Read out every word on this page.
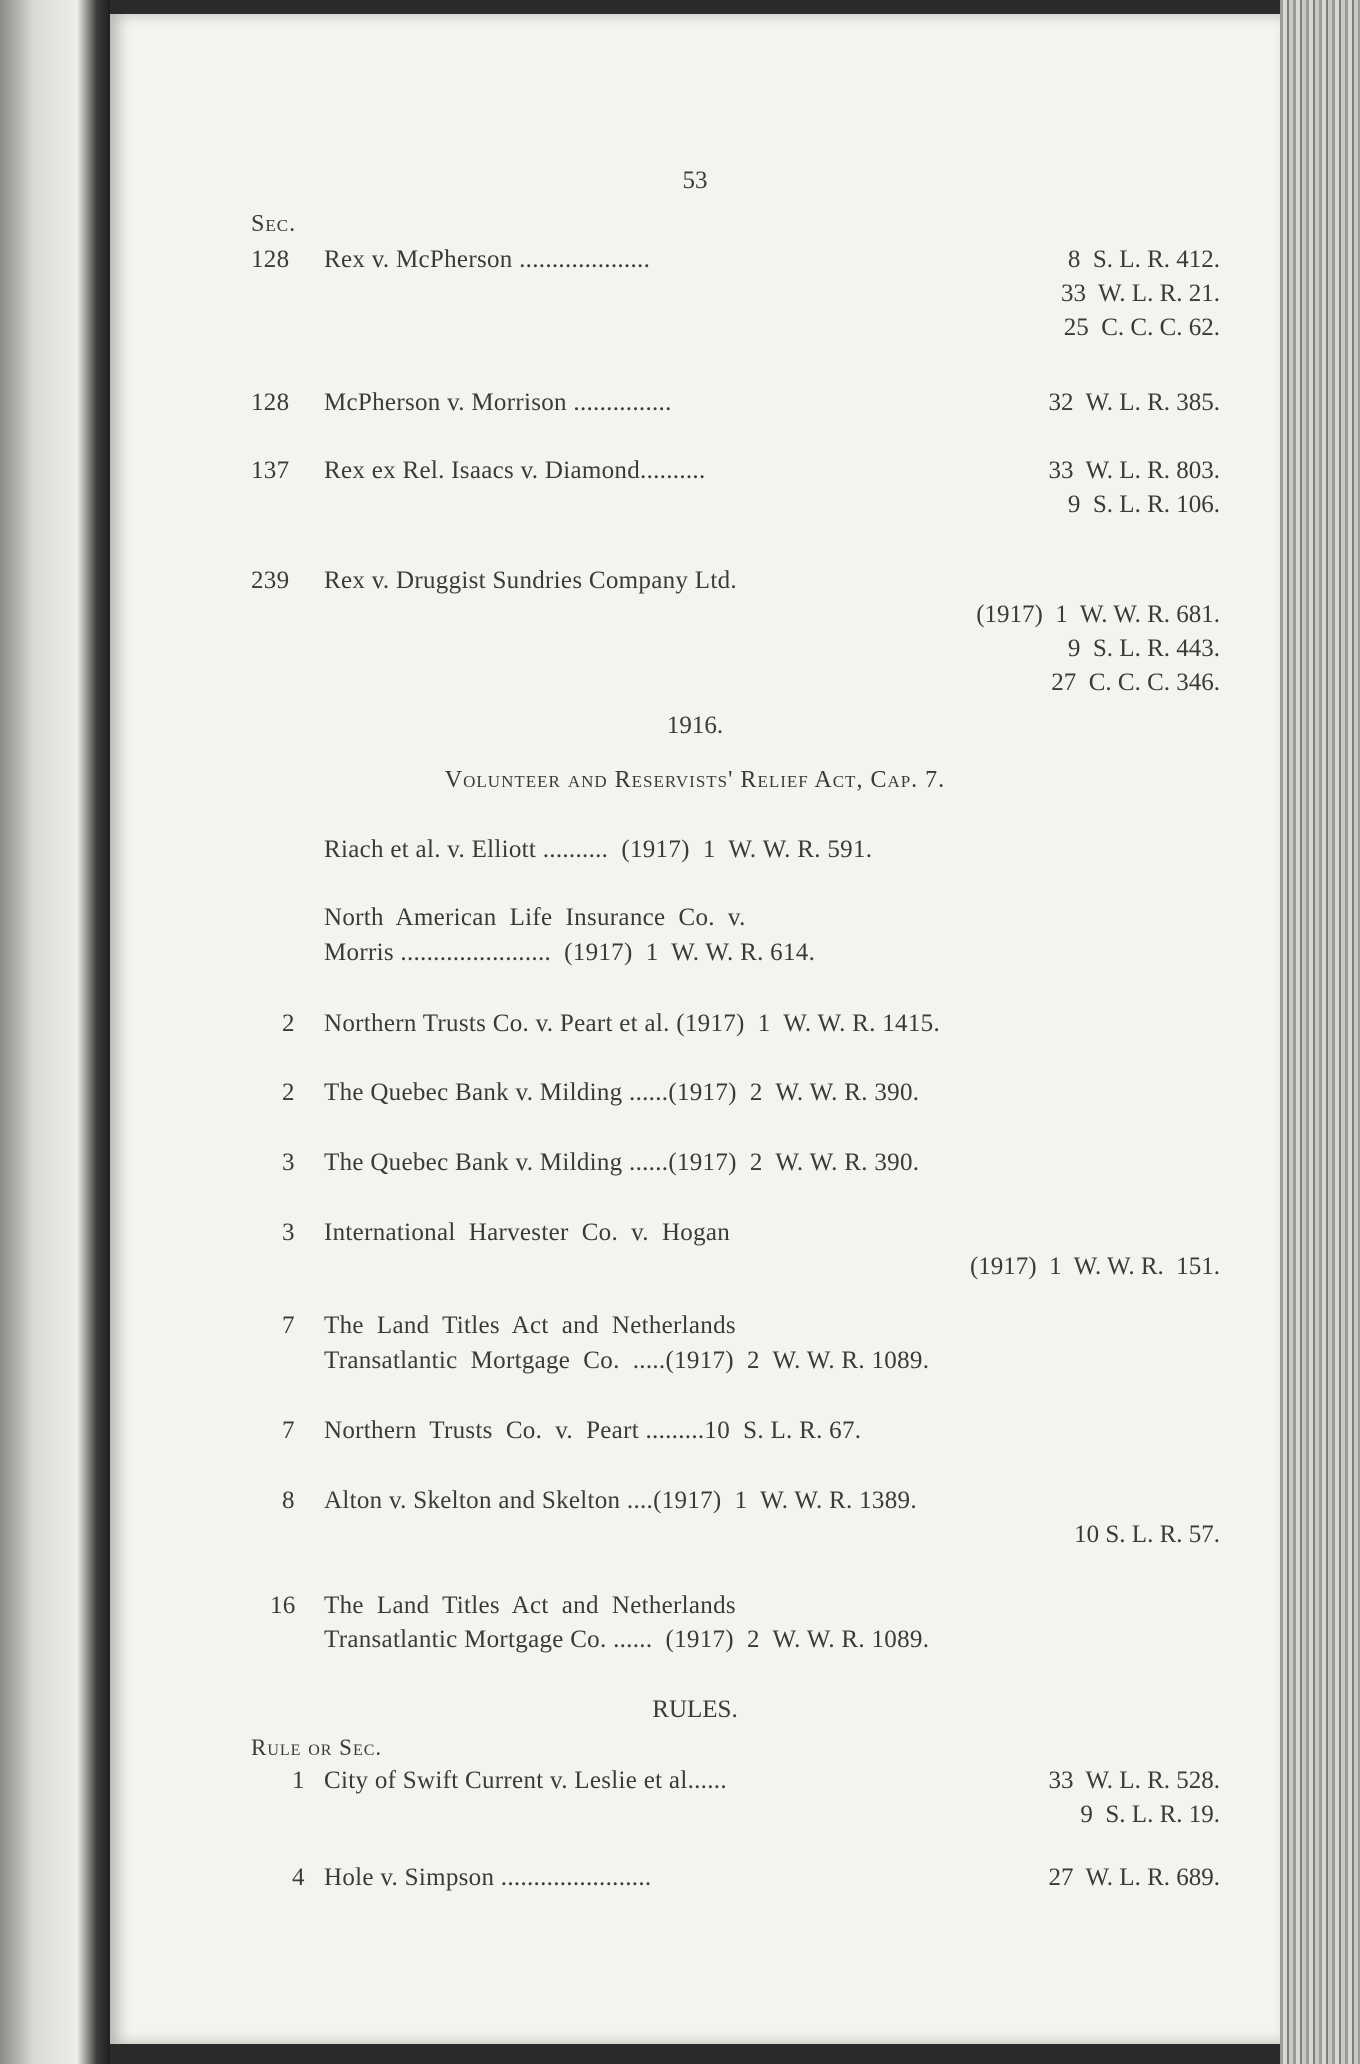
53
Sec.
128 Rex v. McPherson ....................	8  S. L. R. 412.
33  W. L. R. 21.
25  C. C. C. 62.
128 McPherson v. Morrison ...............	32  W. L. R. 385.
137 Rex ex Rel. Isaacs v. Diamond..........	33  W. L. R. 803.
9  S. L. R. 106.
239 Rex v. Druggist Sundries Company Ltd.
(1917)  1  W. W. R. 681.
9  S. L. R. 443.
27  C. C. C. 346.
1916.
Volunteer and Reservists' Relief Act, Cap. 7.
Riach et al. v. Elliott ..........  (1917)  1  W. W. R. 591.
North  American  Life  Insurance  Co.  v.
Morris .......................  (1917)  1  W. W. R. 614.
2 Northern Trusts Co. v. Peart et al. (1917)  1  W. W. R. 1415.
2 The Quebec Bank v. Milding ......(1917)  2  W. W. R. 390.
3 The Quebec Bank v. Milding ......(1917)  2  W. W. R. 390.
3 International  Harvester  Co.  v.  Hogan
(1917)  1  W. W. R.  151.
7 The  Land  Titles  Act  and  Netherlands
Transatlantic  Mortgage  Co.  .....(1917)  2  W. W. R. 1089.
7 Northern  Trusts  Co.  v.  Peart .........10  S. L. R. 67.
8 Alton v. Skelton and Skelton ....(1917)  1  W. W. R. 1389.
10 S. L. R. 57.
16 The  Land  Titles  Act  and  Netherlands
Transatlantic Mortgage Co. ......  (1917)  2  W. W. R. 1089.
RULES.
Rule or Sec.
1 City of Swift Current v. Leslie et al......	33  W. L. R. 528.
9  S. L. R. 19.
4 Hole v. Simpson .......................	27  W. L. R. 689.
